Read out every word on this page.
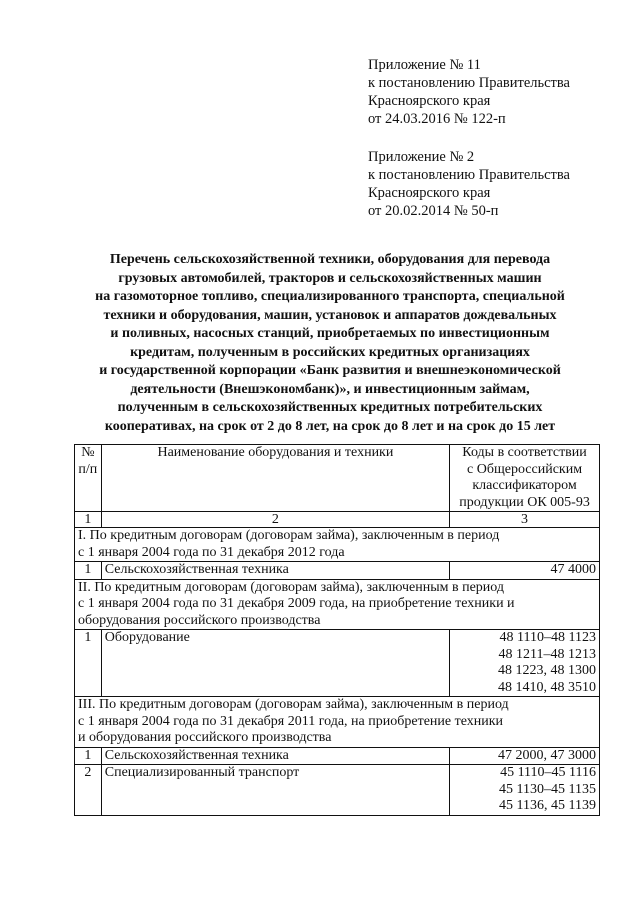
Приложение № 11
к постановлению Правительства
Красноярского края
от 24.03.2016 № 122-п
Приложение № 2
к постановлению Правительства
Красноярского края
от 20.02.2014 № 50-п
Перечень сельскохозяйственной техники, оборудования для перевода
грузовых автомобилей, тракторов и сельскохозяйственных машин
на газомоторное топливо, специализированного транспорта, специальной
техники и оборудования, машин, установок и аппаратов дождевальных
и поливных, насосных станций, приобретаемых по инвестиционным
кредитам, полученным в российских кредитных организациях
и государственной корпорации «Банк развития и внешнеэкономической
деятельности (Внешэкономбанк)», и инвестиционным займам,
полученным в сельскохозяйственных кредитных потребительских
кооперативах, на срок от 2 до 8 лет, на срок до 8 лет и на срок до 15 лет
№
п/п	Наименование оборудования и техники	Коды в соответствии
с Общероссийским
классификатором
продукции ОК 005-93

1	2	3

I. По кредитным договорам (договорам займа), заключенным в период
с 1 января 2004 года по 31 декабря 2012 года		

1	Сельскохозяйственная техника	47 4000

II. По кредитным договорам (договорам займа), заключенным в период
с 1 января 2004 года по 31 декабря 2009 года, на приобретение техники и
оборудования российского производства		

1	Оборудование	48 1110–48 1123
48 1211–48 1213
48 1223, 48 1300
48 1410, 48 3510

III. По кредитным договорам (договорам займа), заключенным в период
с 1 января 2004 года по 31 декабря 2011 года, на приобретение техники
и оборудования российского производства		

1	Сельскохозяйственная техника	47 2000, 47 3000

2	Специализированный транспорт	45 1110–45 1116
45 1130–45 1135
45 1136, 45 1139
